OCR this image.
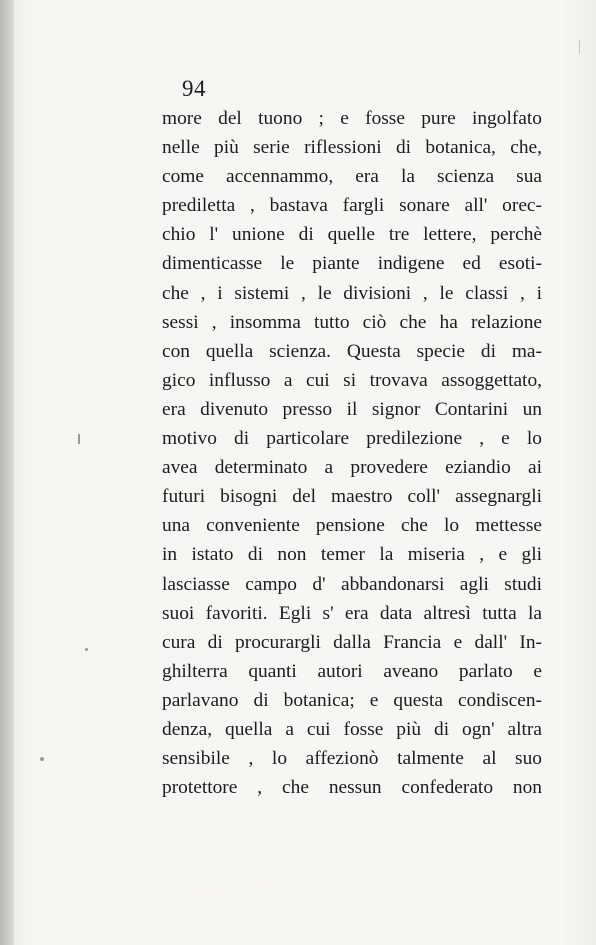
94
more del tuono ; e fosse pure ingolfato
nelle più serie riflessioni di botanica, che,
come accennammo, era la scienza sua
prediletta , bastava fargli sonare all' orec-
chio l' unione di quelle tre lettere, perchè
dimenticasse le piante indigene ed esoti-
che , i sistemi , le divisioni , le classi , i
sessi , insomma tutto ciò che ha relazione
con quella scienza. Questa specie di ma-
gico influsso a cui si trovava assoggettato,
era divenuto presso il signor Contarini un
motivo di particolare predilezione , e lo
avea determinato a provedere eziandio ai
futuri bisogni del maestro coll' assegnargli
una conveniente pensione che lo mettesse
in istato di non temer la miseria , e gli
lasciasse campo d' abbandonarsi agli studi
suoi favoriti. Egli s' era data altresì tutta la
cura di procurargli dalla Francia e dall' In-
ghilterra quanti autori aveano parlato e
parlavano di botanica; e questa condiscen-
denza, quella a cui fosse più di ogn' altra
sensibile , lo affezionò talmente al suo
protettore , che nessun confederato non
